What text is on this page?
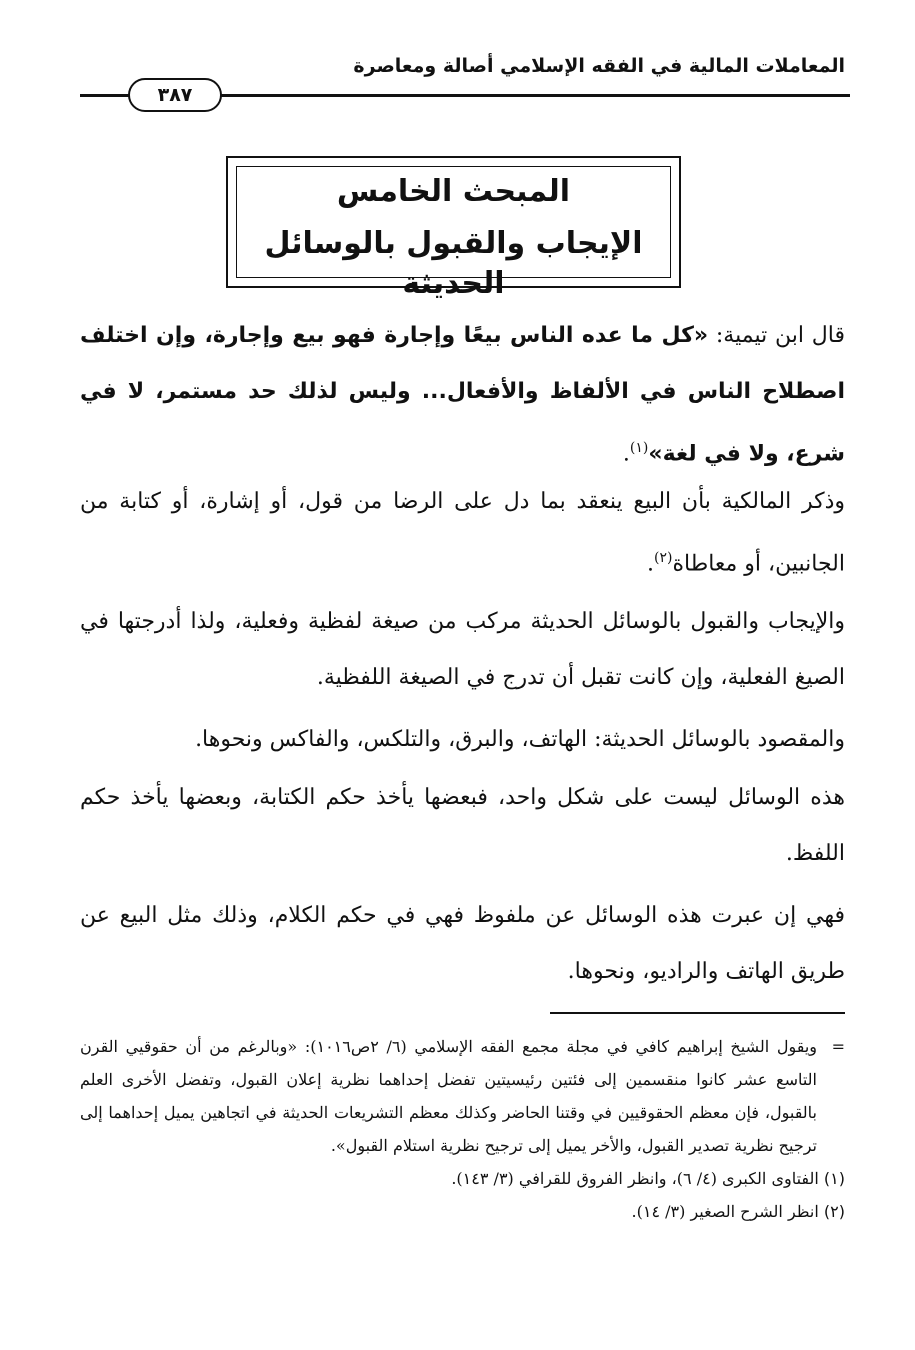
المعاملات المالية في الفقه الإسلامي أصالة ومعاصرة
٣٨٧
المبحث الخامس
الإيجاب والقبول بالوسائل الحديثة

قال ابن تيمية: «كل ما عده الناس بيعًا وإجارة فهو بيع وإجارة، وإن اختلف اصطلاح الناس في الألفاظ والأفعال... وليس لذلك حد مستمر، لا في شرع، ولا في لغة»$^{(١)}$.

وذكر المالكية بأن البيع ينعقد بما دل على الرضا من قول، أو إشارة، أو كتابة من الجانبين، أو معاطاة$^{(٢)}$.

والإيجاب والقبول بالوسائل الحديثة مركب من صيغة لفظية وفعلية، ولذا أدرجتها في الصيغ الفعلية، وإن كانت تقبل أن تدرج في الصيغة اللفظية.

والمقصود بالوسائل الحديثة: الهاتف، والبرق، والتلكس، والفاكس ونحوها.

هذه الوسائل ليست على شكل واحد، فبعضها يأخذ حكم الكتابة، وبعضها يأخذ حكم اللفظ.

فهي إن عبرت هذه الوسائل عن ملفوظ فهي في حكم الكلام، وذلك مثل البيع عن طريق الهاتف والراديو، ونحوها.

=
ويقول الشيخ إبراهيم كافي في مجلة مجمع الفقه الإسلامي (٦/ ٢ص١٠١٦): «وبالرغم من أن حقوقيي القرن التاسع عشر كانوا منقسمين إلى فئتين رئيسيتين تفضل إحداهما نظرية إعلان القبول، وتفضل الأخرى العلم بالقبول، فإن معظم الحقوقيين في وقتنا الحاضر وكذلك معظم التشريعات الحديثة في اتجاهين يميل إحداهما إلى ترجيح نظرية تصدير القبول، والأخر يميل إلى ترجيح نظرية استلام القبول».

(١) الفتاوى الكبرى (٤/ ٦)، وانظر الفروق للقرافي (٣/ ١٤٣).

(٢) انظر الشرح الصغير (٣/ ١٤).
